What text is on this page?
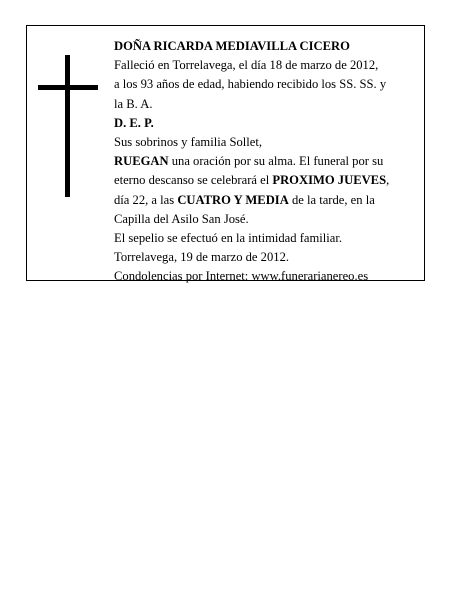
DOÑA RICARDA MEDIAVILLA CICERO

Falleció en Torrelavega, el día 18 de marzo de 2012,

a los 93 años de edad, habiendo recibido los SS. SS. y

la B. A.

D. E. P.

Sus sobrinos y familia Sollet,

RUEGAN una oración por su alma. El funeral por su

eterno descanso se celebrará el PROXIMO JUEVES,

día 22, a las CUATRO Y MEDIA de la tarde, en la

Capilla del Asilo San José.

El sepelio se efectuó en la intimidad familiar.

Torrelavega, 19 de marzo de 2012.

Condolencias por Internet: www.funerarianereo.es
